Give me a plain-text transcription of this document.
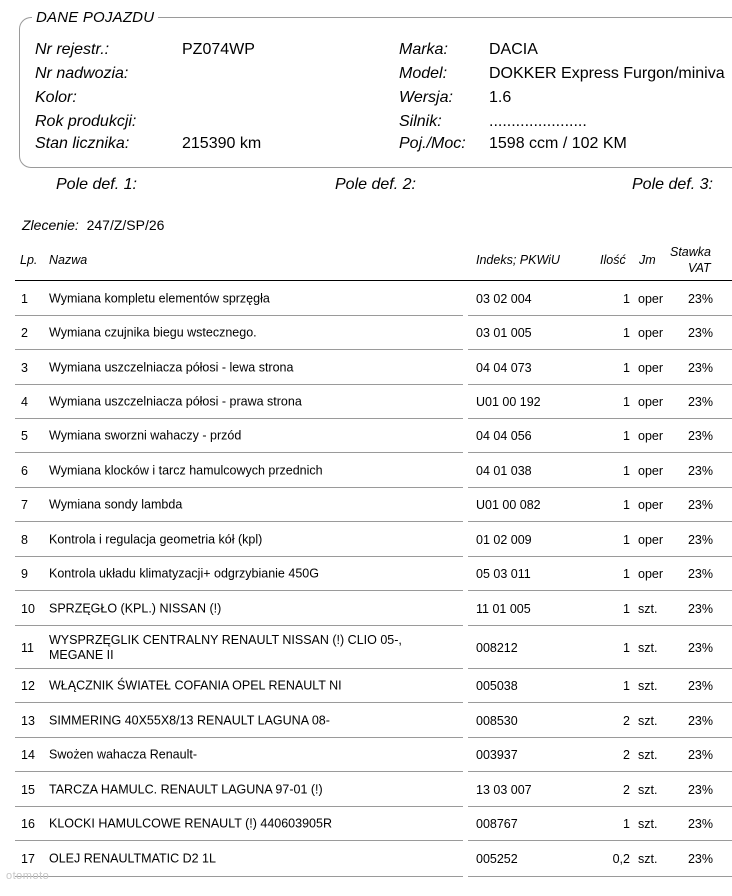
DANE POJAZDU
Nr rejestr.:	PZ074WP
Nr nadwozia:
Kolor:
Rok produkcji:
Stan licznika:	215390 km
Marka:	DACIA
Model:	DOKKER Express Furgon/miniva
Wersja: 1.6
Silnik:	......................
Poj./Moc: 1598 ccm / 102 KM
Pole def. 1:	Pole def. 2:	Pole def. 3:
Zlecenie: 247/Z/SP/26
Lp. Nazwa	Indeks; PKWiU	Ilość Jm
Stawka
VAT
1 Wymiana kompletu elementów sprzęgła	03 02 004	1 oper 23%
2 Wymiana czujnika biegu wstecznego.	03 01 005	1 oper 23%
3 Wymiana uszczelniacza półosi - lewa strona	04 04 073	1 oper 23%
4 Wymiana uszczelniacza półosi - prawa strona	U01 00 192	1 oper 23%
5 Wymiana sworzni wahaczy - przód	04 04 056	1 oper 23%
6 Wymiana klocków i tarcz hamulcowych przednich	04 01 038	1 oper 23%
7 Wymiana sondy lambda	U01 00 082	1 oper 23%
8 Kontrola i regulacja geometria kół (kpl)	01 02 009	1 oper 23%
9 Kontrola układu klimatyzacji+ odgrzybianie 450G	05 03 011	1 oper 23%
10 SPRZĘGŁO (KPL.) NISSAN (!)	11 01 005	1 szt. 23%
11
WYSPRZĘGLIK CENTRALNY RENAULT NISSAN (!) CLIO 05-,
MEGANE II	008212	1 szt. 23%
12 WŁĄCZNIK ŚWIATEŁ COFANIA OPEL RENAULT NI	005038	1 szt. 23%
13 SIMMERING 40X55X8/13 RENAULT LAGUNA 08-	008530	2 szt. 23%
14 Swożen wahacza Renault-	003937	2 szt. 23%
15 TARCZA HAMULC. RENAULT LAGUNA 97-01 (!)	13 03 007	2 szt. 23%
16 KLOCKI HAMULCOWE RENAULT (!) 440603905R	008767	1 szt. 23%
17 OLEJ RENAULTMATIC D2 1L	005252	0,2 szt. 23%
otomoto
